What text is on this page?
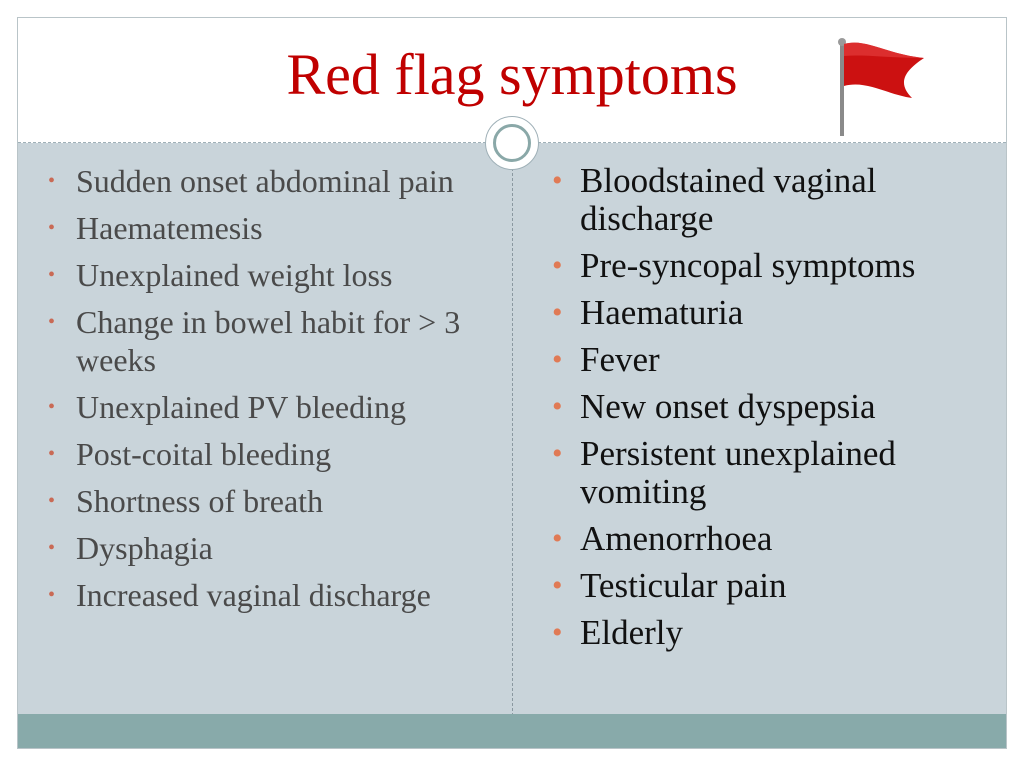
Red flag symptoms
• Sudden onset abdominal pain
• Haematemesis
• Unexplained weight loss
• Change in bowel habit for > 3 weeks
• Unexplained PV bleeding
• Post-coital bleeding
• Shortness of breath
• Dysphagia
• Increased vaginal discharge
• Bloodstained vaginal discharge
• Pre-syncopal symptoms
• Haematuria
• Fever
• New onset dyspepsia
• Persistent unexplained vomiting
• Amenorrhoea
• Testicular pain
• Elderly
